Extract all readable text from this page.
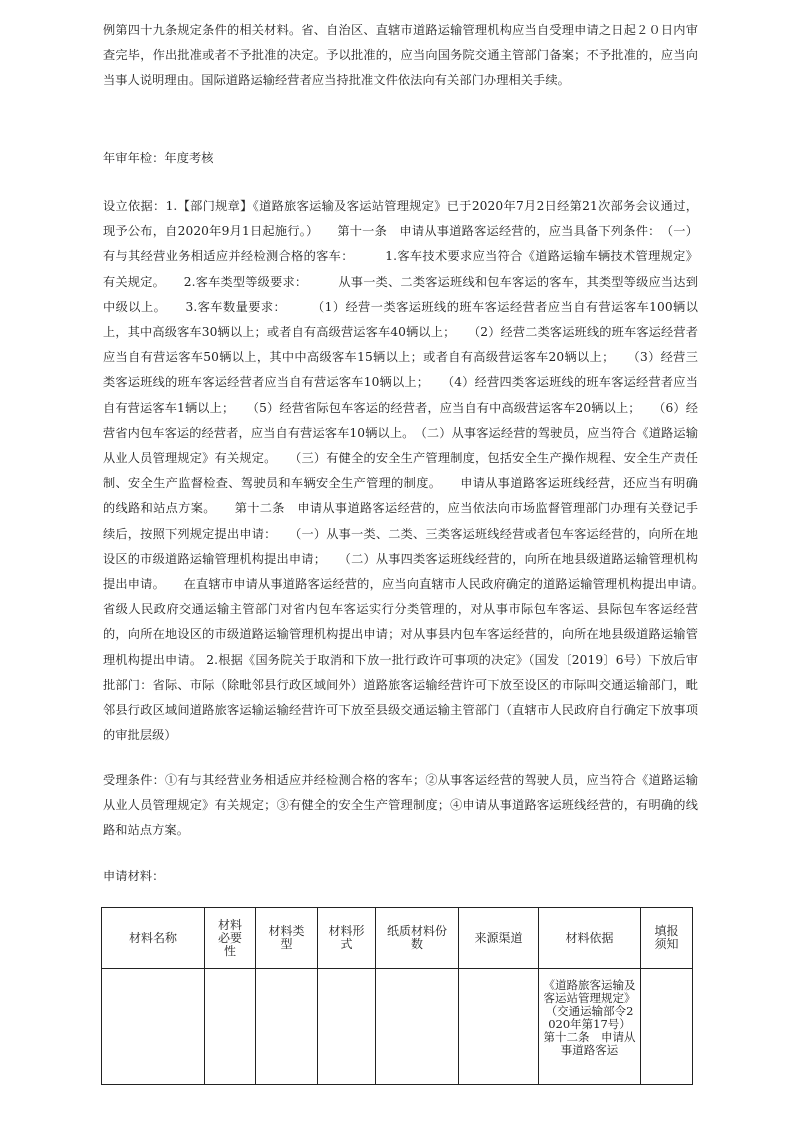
例第四十九条规定条件的相关材料。省、自治区、直辖市道路运输管理机构应当自受理申请之日起２０日内审查完毕，作出批准或者不予批准的决定。予以批准的，应当向国务院交通主管部门备案；不予批准的，应当向当事人说明理由。国际道路运输经营者应当持批准文件依法向有关部门办理相关手续。

年审年检：年度考核

设立依据：1.【部门规章】《道路旅客运输及客运站管理规定》已于2020年7月2日经第21次部务会议通过，现予公布，自2020年9月1日起施行。）　　第十一条　申请从事道路客运经营的，应当具备下列条件：　（一）有与其经营业务相适应并经检测合格的客车：　　　1.客车技术要求应当符合《道路运输车辆技术管理规定》有关规定。　　2.客车类型等级要求：　　　从事一类、二类客运班线和包车客运的客车，其类型等级应当达到中级以上。　　3.客车数量要求：　　　（1）经营一类客运班线的班车客运经营者应当自有营运客车100辆以上，其中高级客车30辆以上；或者自有高级营运客车40辆以上；　　（2）经营二类客运班线的班车客运经营者应当自有营运客车50辆以上，其中中高级客车15辆以上；或者自有高级营运客车20辆以上；　　（3）经营三类客运班线的班车客运经营者应当自有营运客车10辆以上；　　（4）经营四类客运班线的班车客运经营者应当自有营运客车1辆以上；　　（5）经营省际包车客运的经营者，应当自有中高级营运客车20辆以上；　　（6）经营省内包车客运的经营者，应当自有营运客车10辆以上。　（二）从事客运经营的驾驶员，应当符合《道路运输从业人员管理规定》有关规定。　　（三）有健全的安全生产管理制度，包括安全生产操作规程、安全生产责任制、安全生产监督检查、驾驶员和车辆安全生产管理的制度。　　申请从事道路客运班线经营，还应当有明确的线路和站点方案。　　第十二条　申请从事道路客运经营的，应当依法向市场监督管理部门办理有关登记手续后，按照下列规定提出申请：　　（一）从事一类、二类、三类客运班线经营或者包车客运经营的，向所在地设区的市级道路运输管理机构提出申请；　　（二）从事四类客运班线经营的，向所在地县级道路运输管理机构提出申请。　　在直辖市申请从事道路客运经营的，应当向直辖市人民政府确定的道路运输管理机构提出申请。　　省级人民政府交通运输主管部门对省内包车客运实行分类管理的，对从事市际包车客运、县际包车客运经营的，向所在地设区的市级道路运输管理机构提出申请；对从事县内包车客运经营的，向所在地县级道路运输管理机构提出申请。 2.根据《国务院关于取消和下放一批行政许可事项的决定》（国发〔2019〕6号）下放后审批部门：省际、市际（除毗邻县行政区域间外）道路旅客运输经营许可下放至设区的市际叫交通运输部门，毗邻县行政区域间道路旅客运输运输经营许可下放至县级交通运输主管部门（直辖市人民政府自行确定下放事项的审批层级）

受理条件：①有与其经营业务相适应并经检测合格的客车；②从事客运经营的驾驶人员，应当符合《道路运输从业人员管理规定》有关规定；③有健全的安全生产管理制度；④申请从事道路客运班线经营的，有明确的线路和站点方案。

申请材料：

材料名称	材料必要性	材料类型	材料形式	纸质材料份数	来源渠道	材料依据	填报须知
						《道路旅客运输及客运站管理规定》（交通运输部令2020年第17号）第十二条　申请从事道路客运	
